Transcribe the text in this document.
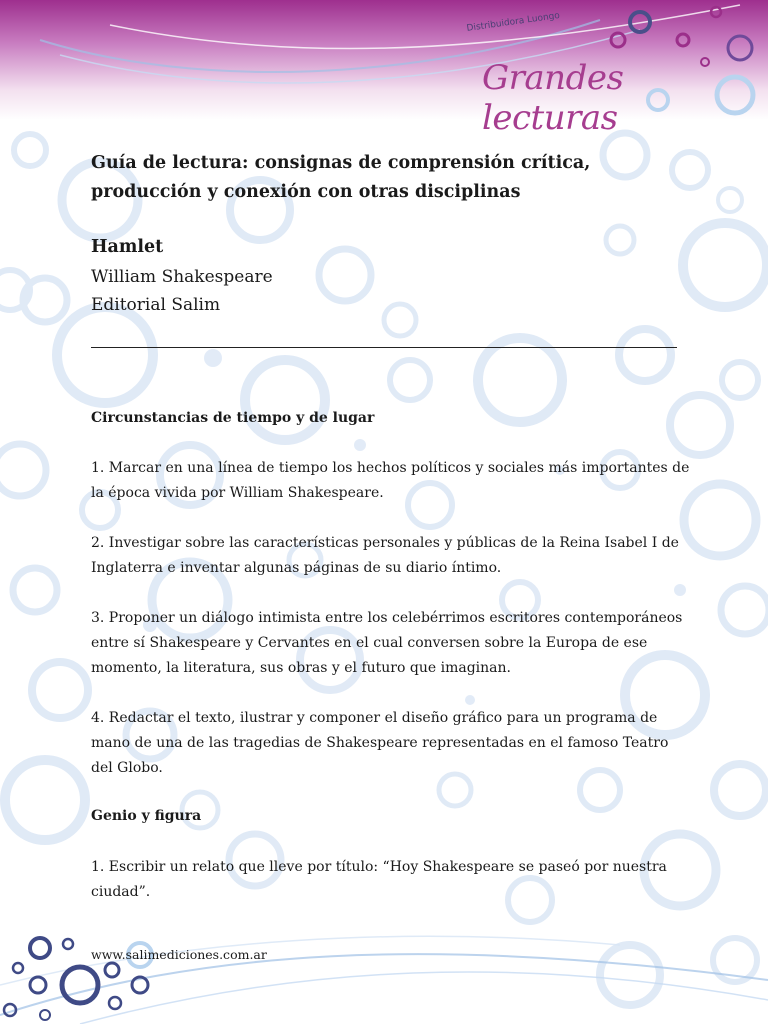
Distribuidora Luongo
Grandes lecturas
Guía de lectura: consignas de comprensión crítica, producción y conexión con otras disciplinas
Hamlet
William Shakespeare
Editorial Salim
Circunstancias de tiempo y de lugar
1. Marcar en una línea de tiempo los hechos políticos y sociales más importantes de la época vivida por William Shakespeare.
2. Investigar sobre las características personales y públicas de la Reina Isabel I de Inglaterra e inventar algunas páginas de su diario íntimo.
3. Proponer un diálogo intimista entre los celebérrimos escritores contemporáneos entre sí Shakespeare y Cervantes en el cual conversen sobre la Europa de ese momento, la literatura, sus obras y el futuro que imaginan.
4. Redactar el texto, ilustrar y componer el diseño gráfico para un programa de mano de una de las tragedias de Shakespeare representadas en el famoso Teatro del Globo.
Genio y figura
1. Escribir un relato que lleve por título: “Hoy Shakespeare se paseó por nuestra ciudad”.
www.salimediciones.com.ar
